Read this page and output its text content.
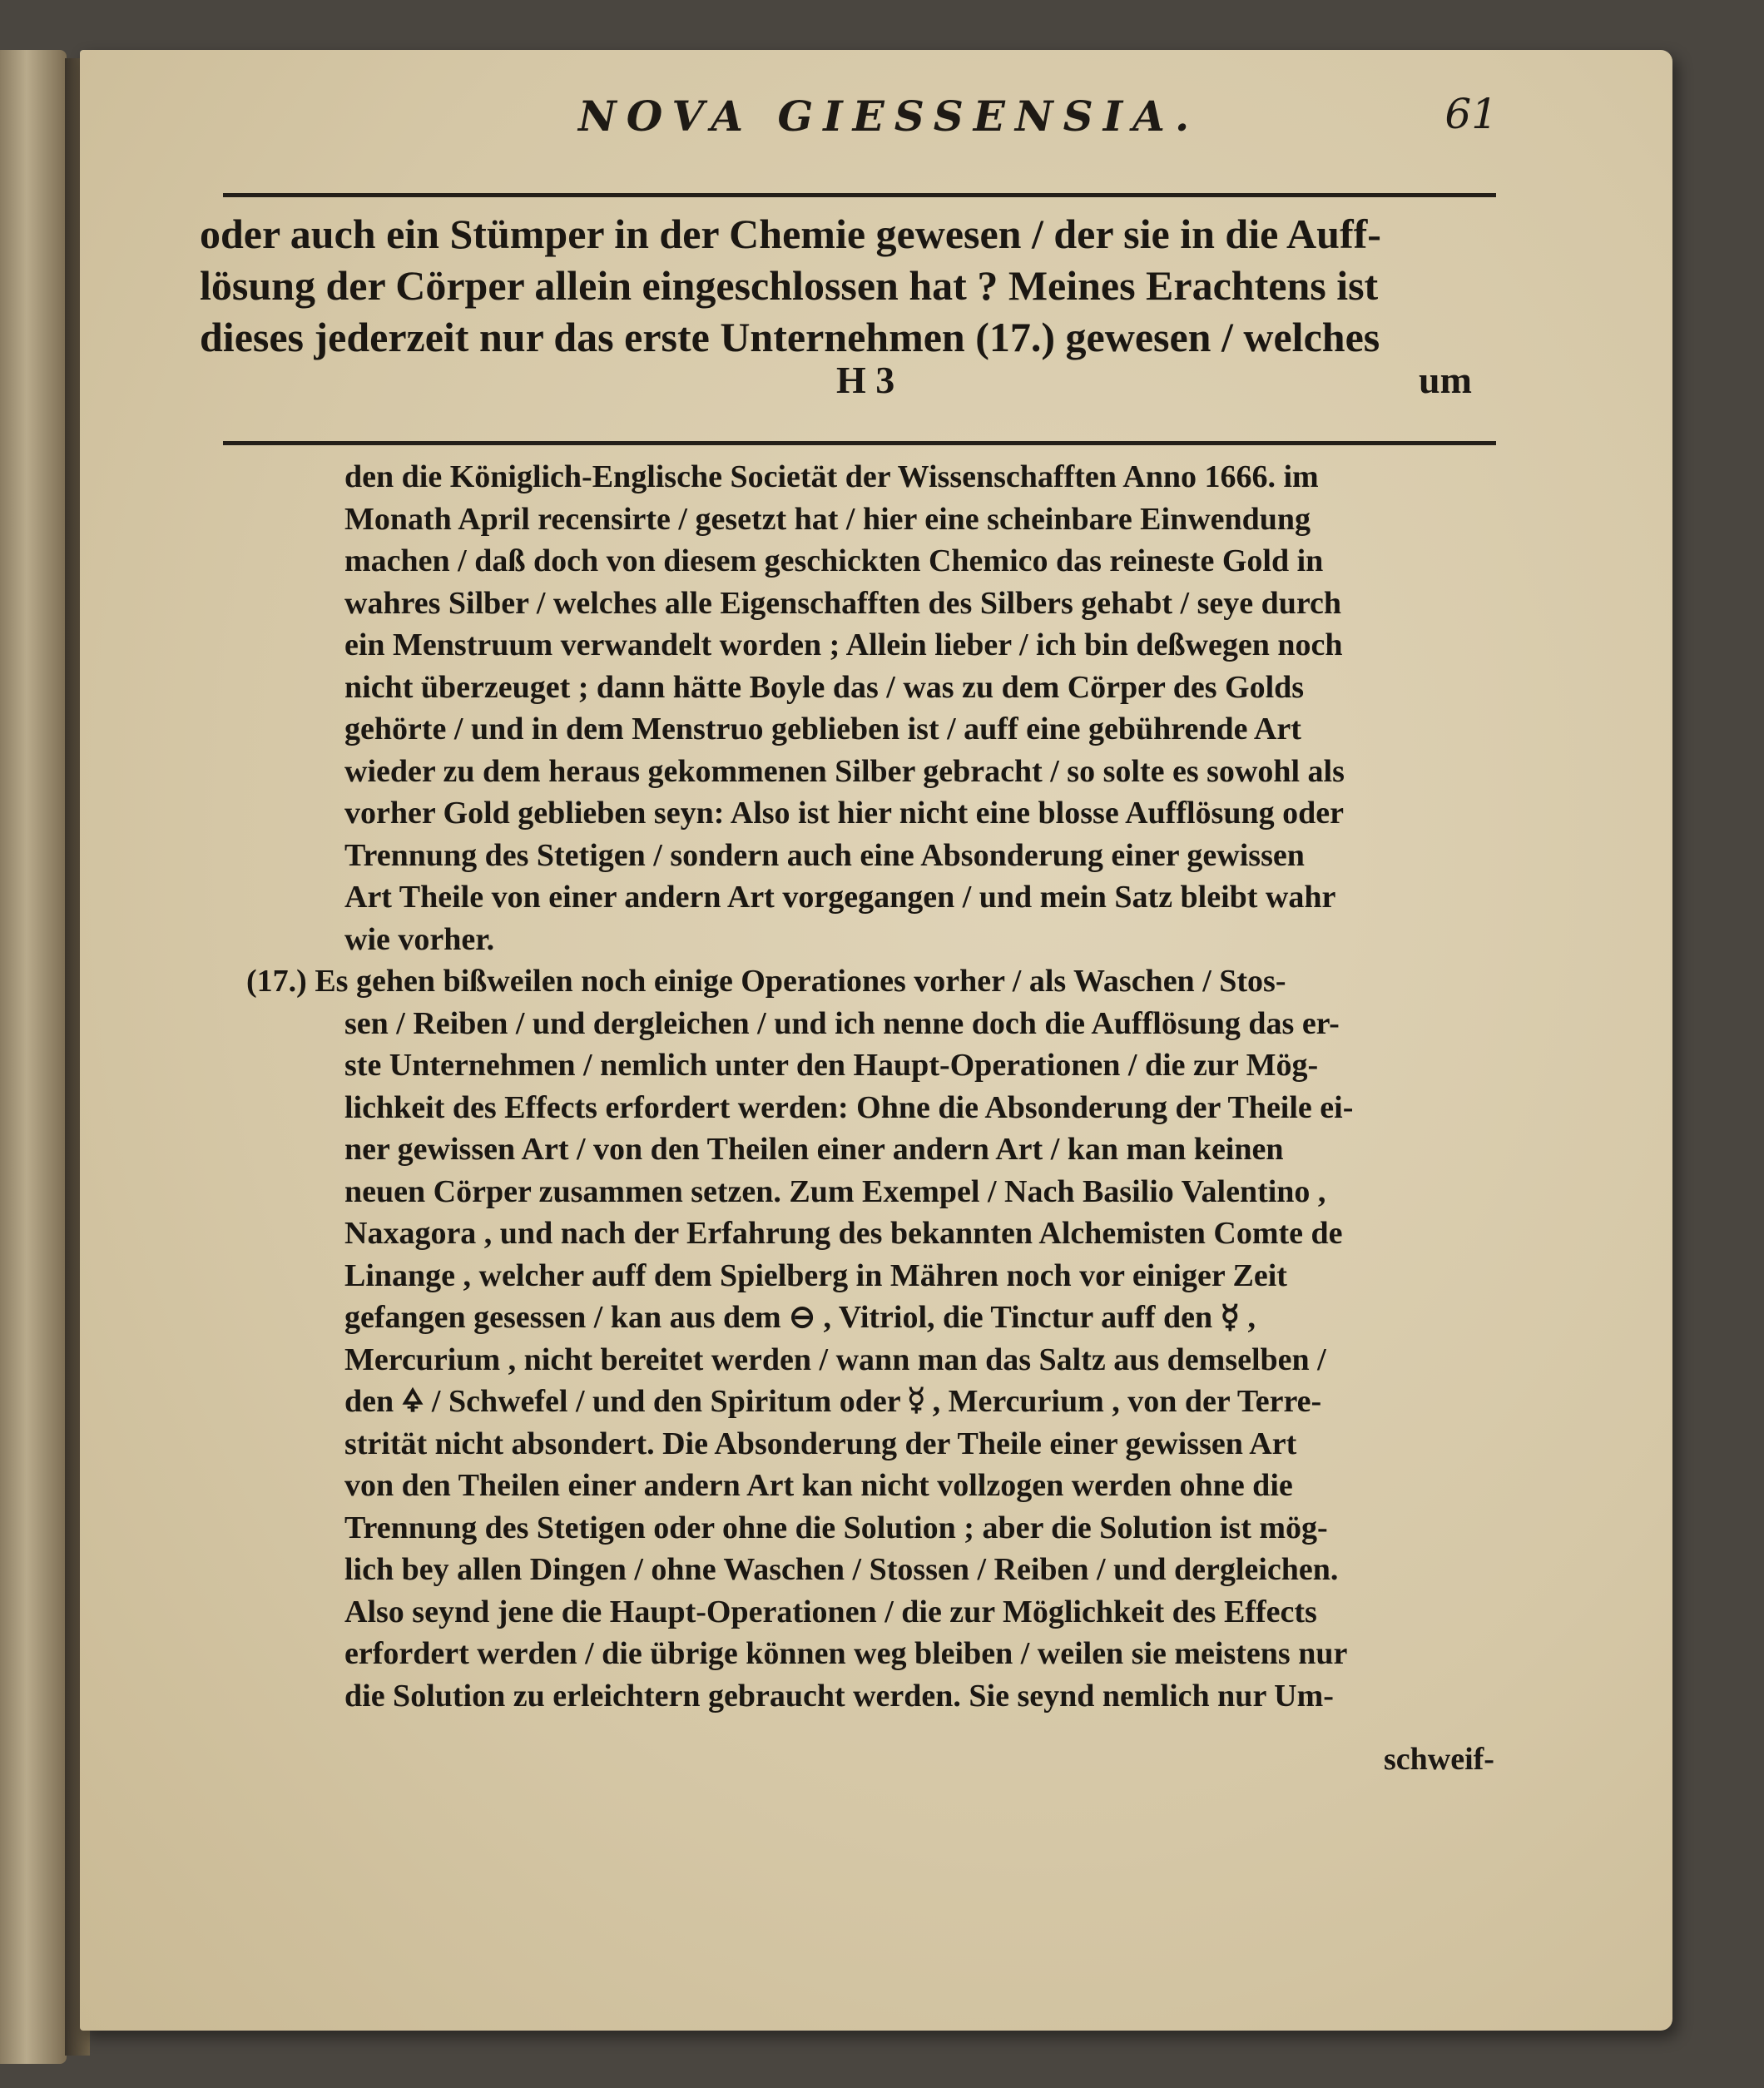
NOVA GIESSENSIA.	61
oder auch ein Stümper in der Chemie gewesen / der sie in die Auff-
lösung der Cörper allein eingeschlossen hat ? Meines Erachtens ist
dieses jederzeit nur das erste Unternehmen (17.) gewesen / welches
H 3	um
den die Königlich-Englische Societät der Wissenschafften Anno 1666. im
Monath April recensirte / gesetzt hat / hier eine scheinbare Einwendung
machen / daß doch von diesem geschickten Chemico das reineste Gold in
wahres Silber / welches alle Eigenschafften des Silbers gehabt / seye durch
ein Menstruum verwandelt worden ; Allein lieber / ich bin deßwegen noch
nicht überzeuget ; dann hätte Boyle das / was zu dem Cörper des Golds
gehörte / und in dem Menstruo geblieben ist / auff eine gebührende Art
wieder zu dem heraus gekommenen Silber gebracht / so solte es sowohl als
vorher Gold geblieben seyn: Also ist hier nicht eine blosse Aufflösung oder
Trennung des Stetigen / sondern auch eine Absonderung einer gewissen
Art Theile von einer andern Art vorgegangen / und mein Satz bleibt wahr
wie vorher.
(17.) Es gehen bißweilen noch einige Operationes vorher / als Waschen / Stos-
sen / Reiben / und dergleichen / und ich nenne doch die Aufflösung das er-
ste Unternehmen / nemlich unter den Haupt-Operationen / die zur Mög-
lichkeit des Effects erfordert werden: Ohne die Absonderung der Theile ei-
ner gewissen Art / von den Theilen einer andern Art / kan man keinen
neuen Cörper zusammen setzen. Zum Exempel / Nach Basilio Valentino ,
Naxagora , und nach der Erfahrung des bekannten Alchemisten Comte de
Linange , welcher auff dem Spielberg in Mähren noch vor einiger Zeit
gefangen gesessen / kan aus dem ⊖ , Vitriol, die Tinctur auff den ☿ ,
Mercurium , nicht bereitet werden / wann man das Saltz aus demselben /
den 🜍 / Schwefel / und den Spiritum oder ☿ , Mercurium , von der Terre-
strität nicht absondert. Die Absonderung der Theile einer gewissen Art
von den Theilen einer andern Art kan nicht vollzogen werden ohne die
Trennung des Stetigen oder ohne die Solution ; aber die Solution ist mög-
lich bey allen Dingen / ohne Waschen / Stossen / Reiben / und dergleichen.
Also seynd jene die Haupt-Operationen / die zur Möglichkeit des Effects
erfordert werden / die übrige können weg bleiben / weilen sie meistens nur
die Solution zu erleichtern gebraucht werden. Sie seynd nemlich nur Um-
schweif-
